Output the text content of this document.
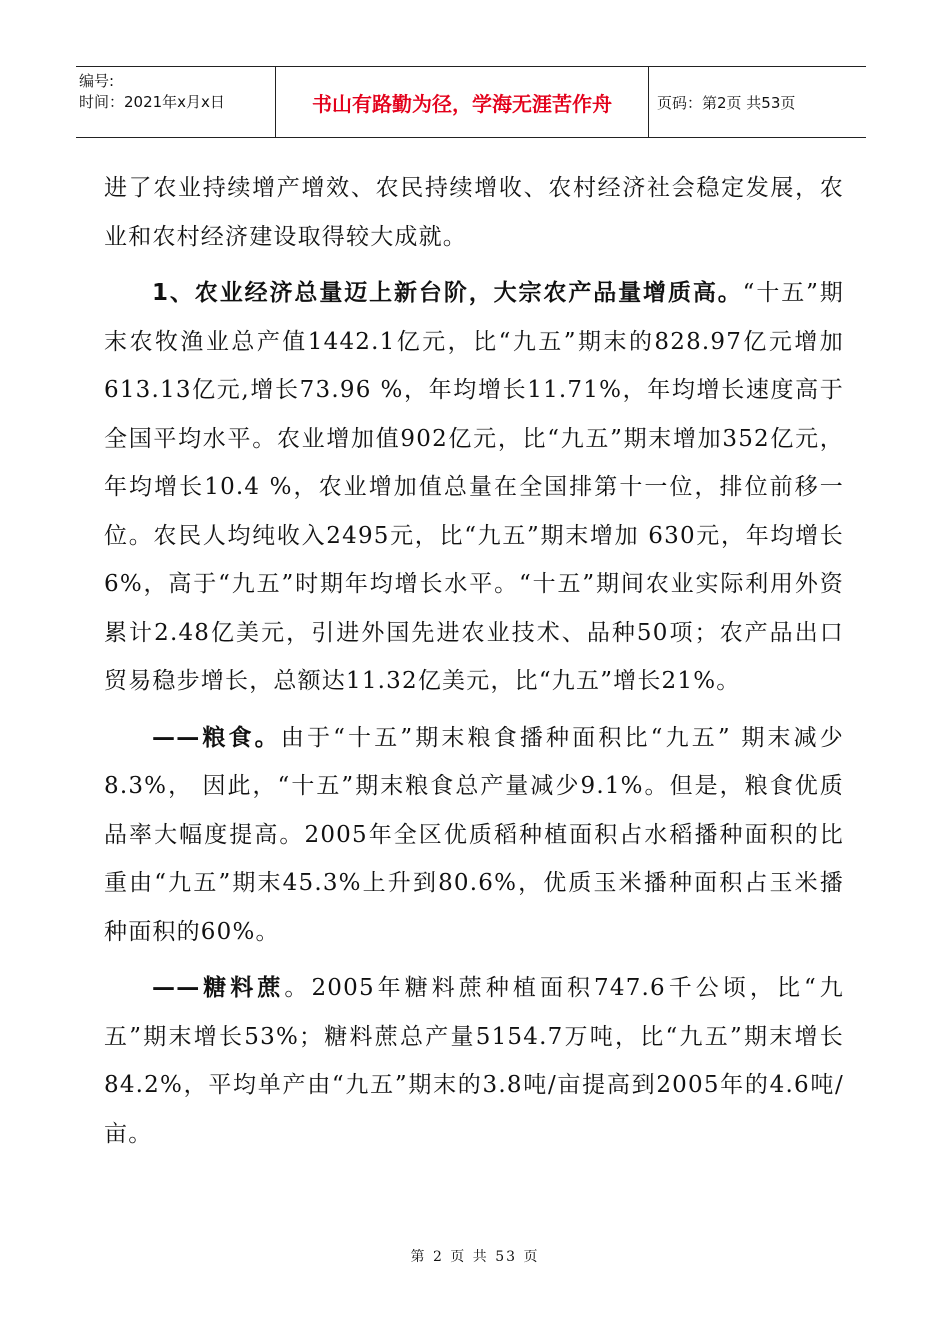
编号:
时间：2021年x月x日	书山有路勤为径，学海无涯苦作舟	页码：第2页 共53页

进了农业持续增产增效、农民持续增收、农村经济社会稳定发展，农业和农村经济建设取得较大成就。

1、农业经济总量迈上新台阶，大宗农产品量增质高。“十五”期末农牧渔业总产值1442.1亿元，比“九五”期末的828.97亿元增加613.13亿元,增长73.96 %，年均增长11.71%，年均增长速度高于全国平均水平。农业增加值902亿元，比“九五”期末增加352亿元，年均增长10.4 %，农业增加值总量在全国排第十一位，排位前移一位。农民人均纯收入2495元，比“九五”期末增加 630元，年均增长6%，高于“九五”时期年均增长水平。“十五”期间农业实际利用外资累计2.48亿美元，引进外国先进农业技术、品种50项；农产品出口贸易稳步增长，总额达11.32亿美元，比“九五”增长21%。

——粮食。由于“十五”期末粮食播种面积比“九五” 期末减少8.3%， 因此，“十五”期末粮食总产量减少9.1%。但是，粮食优质品率大幅度提高。2005年全区优质稻种植面积占水稻播种面积的比重由“九五”期末45.3%上升到80.6%，优质玉米播种面积占玉米播种面积的60%。

——糖料蔗。2005年糖料蔗种植面积747.6千公顷，比“九五”期末增长53%；糖料蔗总产量5154.7万吨，比“九五”期末增长84.2%，平均单产由“九五”期末的3.8吨/亩提高到2005年的4.6吨/亩。

第 2 页 共 53 页
